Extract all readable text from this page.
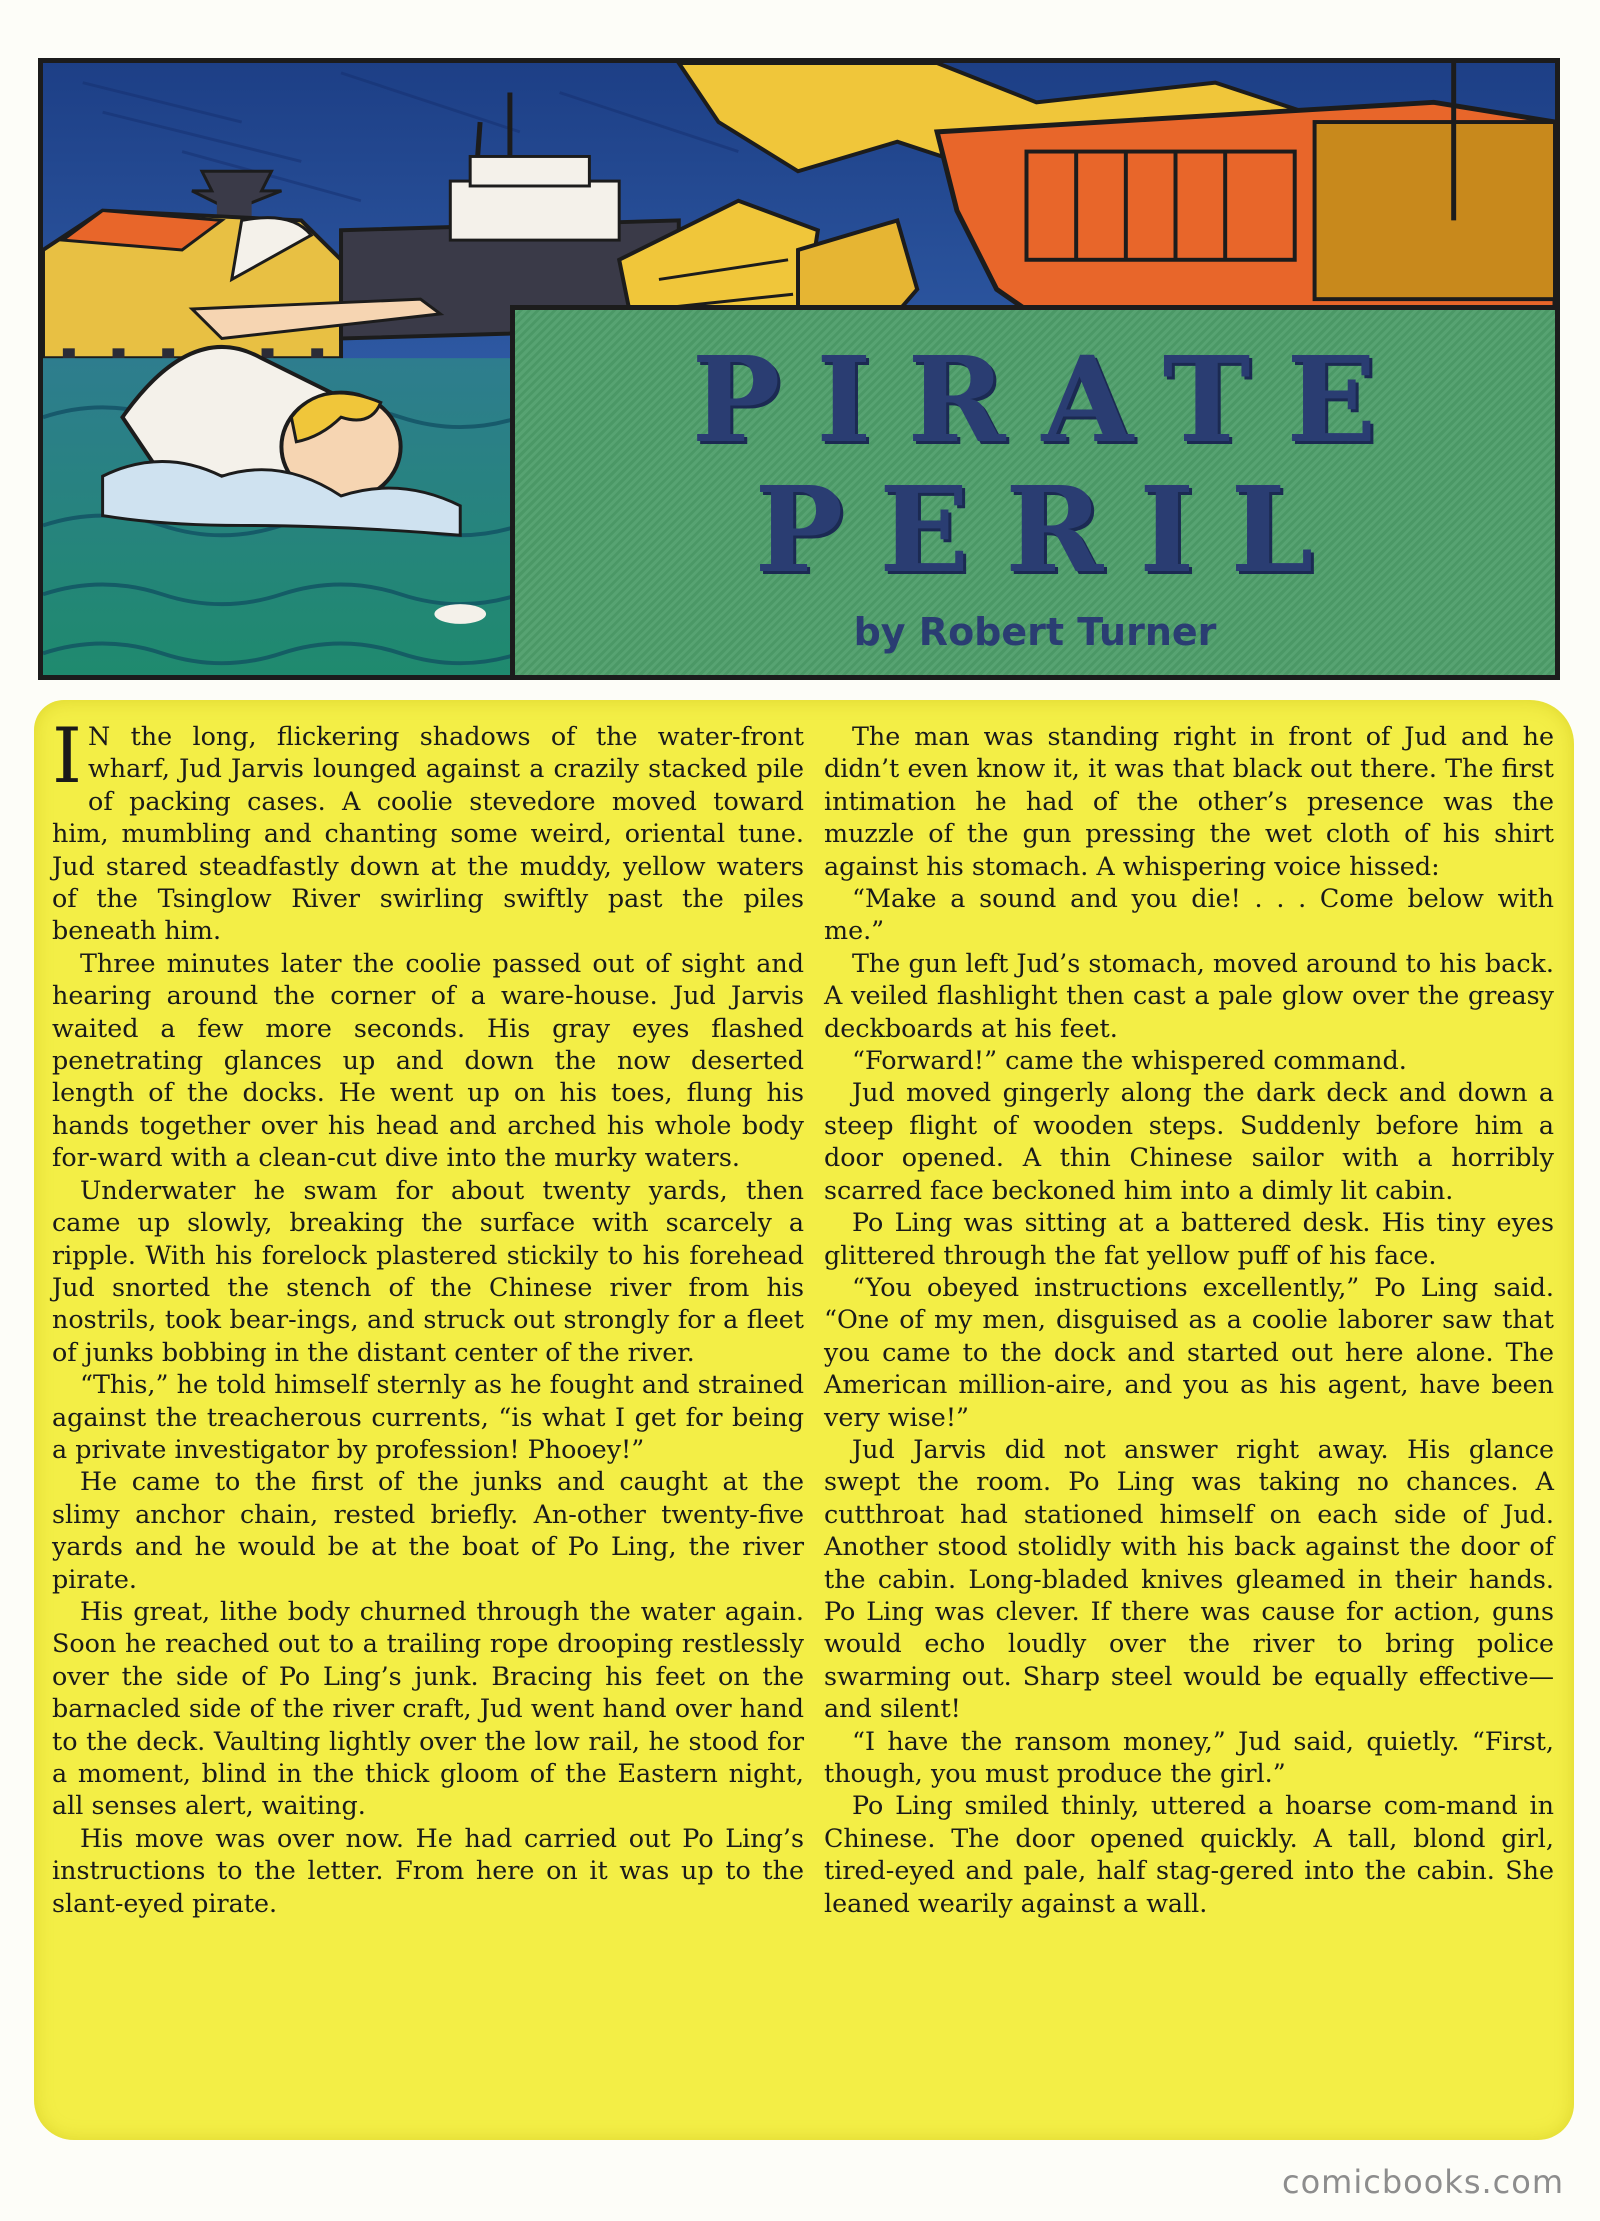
PIRATE
PERIL
by Robert Turner

I N the long, flickering shadows of the water-front wharf, Jud Jarvis lounged against a crazily stacked pile of packing cases. A coolie stevedore moved toward him, mumbling and chanting some weird, oriental tune. Jud stared steadfastly down at the muddy, yellow waters of the Tsinglow River swirling swiftly past the piles beneath him.

Three minutes later the coolie passed out of sight and hearing around the corner of a ware-house. Jud Jarvis waited a few more seconds. His gray eyes flashed penetrating glances up and down the now deserted length of the docks. He went up on his toes, flung his hands together over his head and arched his whole body for-ward with a clean-cut dive into the murky waters.

Underwater he swam for about twenty yards, then came up slowly, breaking the surface with scarcely a ripple. With his forelock plastered stickily to his forehead Jud snorted the stench of the Chinese river from his nostrils, took bear-ings, and struck out strongly for a fleet of junks bobbing in the distant center of the river.

“This,” he told himself sternly as he fought and strained against the treacherous currents, “is what I get for being a private investigator by profession! Phooey!”

He came to the first of the junks and caught at the slimy anchor chain, rested briefly. An-other twenty-five yards and he would be at the boat of Po Ling, the river pirate.

His great, lithe body churned through the water again. Soon he reached out to a trailing rope drooping restlessly over the side of Po Ling’s junk. Bracing his feet on the barnacled side of the river craft, Jud went hand over hand to the deck. Vaulting lightly over the low rail, he stood for a moment, blind in the thick gloom of the Eastern night, all senses alert, waiting.

His move was over now. He had carried out Po Ling’s instructions to the letter. From here on it was up to the slant-eyed pirate.

The man was standing right in front of Jud and he didn’t even know it, it was that black out there. The first intimation he had of the other’s presence was the muzzle of the gun pressing the wet cloth of his shirt against his stomach. A whispering voice hissed:

“Make a sound and you die! . . . Come below with me.”

The gun left Jud’s stomach, moved around to his back. A veiled flashlight then cast a pale glow over the greasy deckboards at his feet.

“Forward!” came the whispered command.

Jud moved gingerly along the dark deck and down a steep flight of wooden steps. Suddenly before him a door opened. A thin Chinese sailor with a horribly scarred face beckoned him into a dimly lit cabin.

Po Ling was sitting at a battered desk. His tiny eyes glittered through the fat yellow puff of his face.

“You obeyed instructions excellently,” Po Ling said. “One of my men, disguised as a coolie laborer saw that you came to the dock and started out here alone. The American million-aire, and you as his agent, have been very wise!”

Jud Jarvis did not answer right away. His glance swept the room. Po Ling was taking no chances. A cutthroat had stationed himself on each side of Jud. Another stood stolidly with his back against the door of the cabin. Long-bladed knives gleamed in their hands. Po Ling was clever. If there was cause for action, guns would echo loudly over the river to bring police swarming out. Sharp steel would be equally effective—and silent!

“I have the ransom money,” Jud said, quietly. “First, though, you must produce the girl.”

Po Ling smiled thinly, uttered a hoarse com-mand in Chinese. The door opened quickly. A tall, blond girl, tired-eyed and pale, half stag-gered into the cabin. She leaned wearily against a wall.

comicbooks.com
